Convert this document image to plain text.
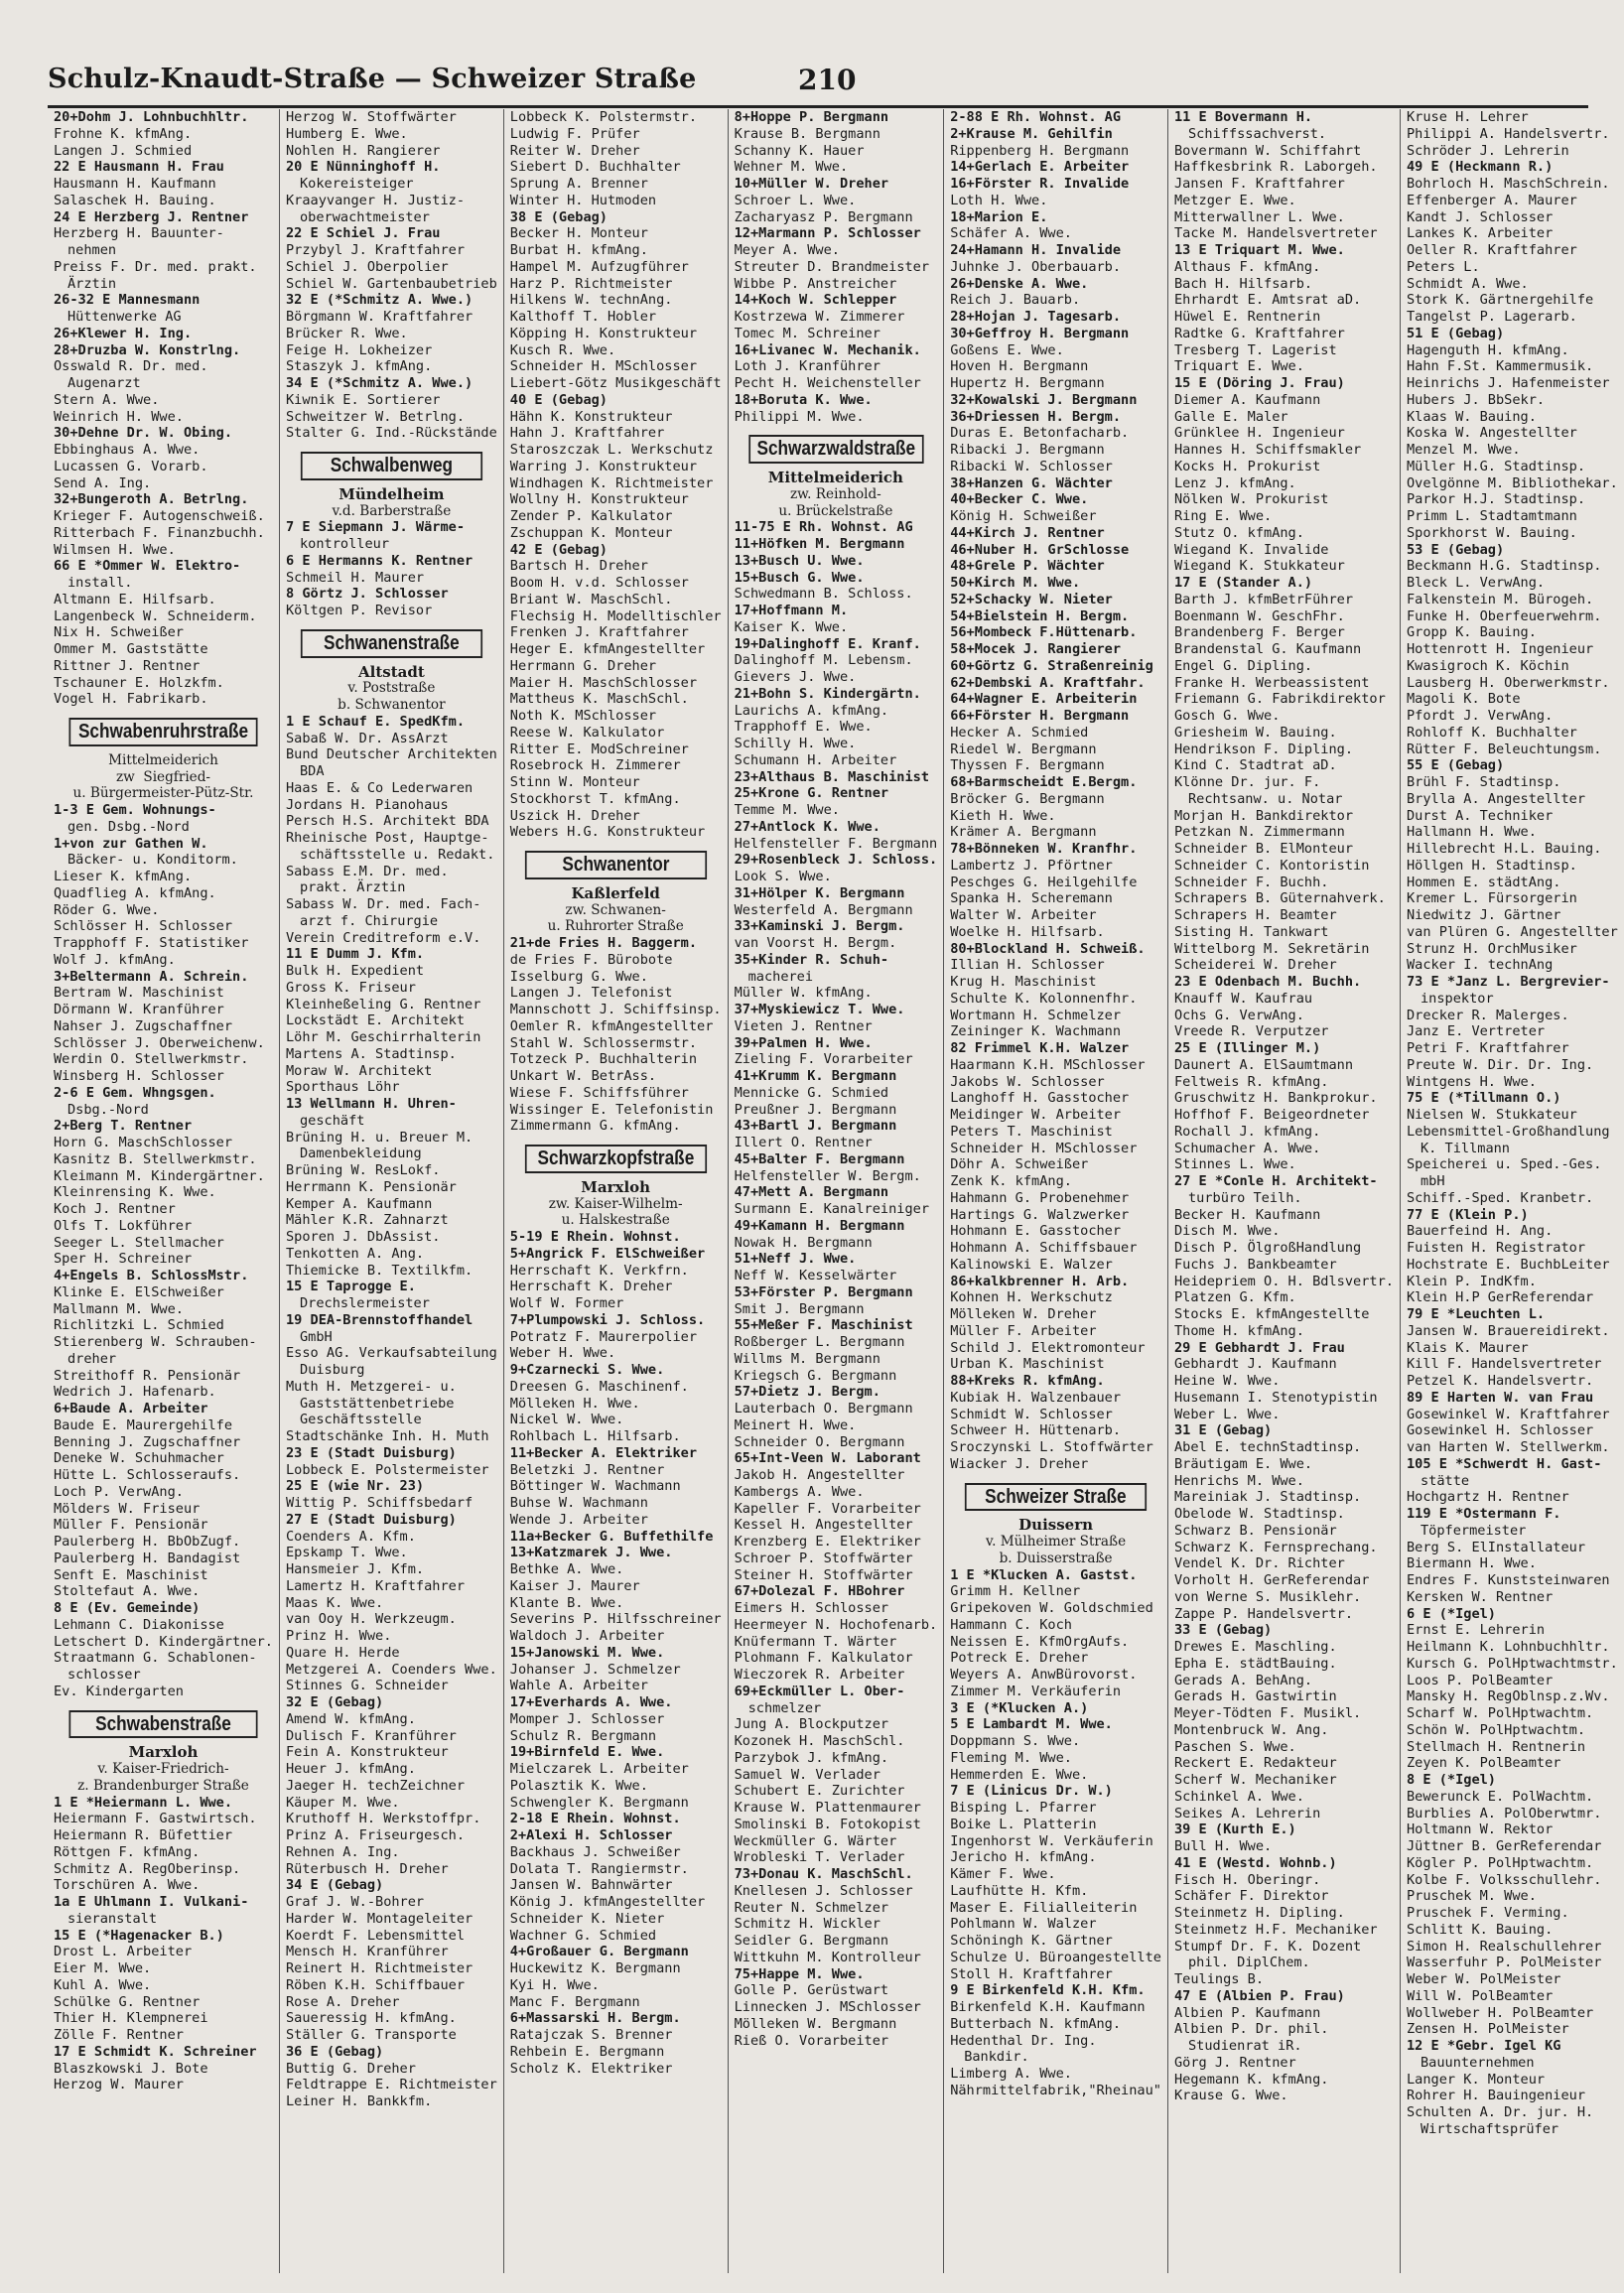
Schulz-Knaudt-Straße — Schweizer Straße	210
20+Dohm J. Lohnbuchhltr.
Frohne K. kfmAng.
Langen J. Schmied
22 E Hausmann H. Frau
Hausmann H. Kaufmann
Salaschek H. Bauing.
24 E Herzberg J. Rentner
Herzberg H. Bauunter-
nehmen
Preiss F. Dr. med. prakt.
Ärztin
26-32 E Mannesmann
Hüttenwerke AG
26+Klewer H. Ing.
28+Druzba W. Konstrlng.
Osswald R. Dr. med.
Augenarzt
Stern A. Wwe.
Weinrich H. Wwe.
30+Dehne Dr. W. Obing.
Ebbinghaus A. Wwe.
Lucassen G. Vorarb.
Send A. Ing.
32+Bungeroth A. Betrlng.
Krieger F. Autogenschweiß.
Ritterbach F. Finanzbuchh.
Wilmsen H. Wwe.
66 E *Ommer W. Elektro-
install.
Altmann E. Hilfsarb.
Langenbeck W. Schneiderm.
Nix H. Schweißer
Ommer M. Gaststätte
Rittner J. Rentner
Tschauner E. Holzkfm.
Vogel H. Fabrikarb.
Schwabenruhrstraße
Mittelmeiderich
zw  Siegfried-
u. Bürgermeister-Pütz-Str.
1-3 E Gem. Wohnungs-
gen. Dsbg.-Nord
1+von zur Gathen W.
Bäcker- u. Konditorm.
Lieser K. kfmAng.
Quadflieg A. kfmAng.
Röder G. Wwe.
Schlösser H. Schlosser
Trapphoff F. Statistiker
Wolf J. kfmAng.
3+Beltermann A. Schrein.
Bertram W. Maschinist
Dörmann W. Kranführer
Nahser J. Zugschaffner
Schlösser J. Oberweichenw.
Werdin O. Stellwerkmstr.
Winsberg H. Schlosser
2-6 E Gem. Whngsgen.
Dsbg.-Nord
2+Berg T. Rentner
Horn G. MaschSchlosser
Kasnitz B. Stellwerkmstr.
Kleimann M. Kindergärtner.
Kleinrensing K. Wwe.
Koch J. Rentner
Olfs T. Lokführer
Seeger L. Stellmacher
Sper H. Schreiner
4+Engels B. SchlossMstr.
Klinke E. ElSchweißer
Mallmann M. Wwe.
Richlitzki L. Schmied
Stierenberg W. Schrauben-
dreher
Streithoff R. Pensionär
Wedrich J. Hafenarb.
6+Baude A. Arbeiter
Baude E. Maurergehilfe
Benning J. Zugschaffner
Deneke W. Schuhmacher
Hütte L. Schlosseraufs.
Loch P. VerwAng.
Mölders W. Friseur
Müller F. Pensionär
Paulerberg H. BbObZugf.
Paulerberg H. Bandagist
Senft E. Maschinist
Stoltefaut A. Wwe.
8 E (Ev. Gemeinde)
Lehmann C. Diakonisse
Letschert D. Kindergärtner.
Straatmann G. Schablonen-
schlosser
Ev. Kindergarten
Schwabenstraße
Marxloh
v. Kaiser-Friedrich-
z. Brandenburger Straße
1 E *Heiermann L. Wwe.
Heiermann F. Gastwirtsch.
Heiermann R. Büfettier
Röttgen F. kfmAng.
Schmitz A. RegOberinsp.
Torschüren A. Wwe.
1a E Uhlmann I. Vulkani-
sieranstalt
15 E (*Hagenacker B.)
Drost L. Arbeiter
Eier M. Wwe.
Kuhl A. Wwe.
Schülke G. Rentner
Thier H. Klempnerei
Zölle F. Rentner
17 E Schmidt K. Schreiner
Blaszkowski J. Bote
Herzog W. Maurer
Herzog W. Stoffwärter
Humberg E. Wwe.
Nohlen H. Rangierer
20 E Nünninghoff H.
Kokereisteiger
Kraayvanger H. Justiz-
oberwachtmeister
22 E Schiel J. Frau
Przybyl J. Kraftfahrer
Schiel J. Oberpolier
Schiel W. Gartenbaubetrieb
32 E (*Schmitz A. Wwe.)
Börgmann W. Kraftfahrer
Brücker R. Wwe.
Feige H. Lokheizer
Staszyk J. kfmAng.
34 E (*Schmitz A. Wwe.)
Kiwnik E. Sortierer
Schweitzer W. Betrlng.
Stalter G. Ind.-Rückstände
Schwalbenweg
Mündelheim
v.d. Barberstraße
7 E Siepmann J. Wärme-
kontrolleur
6 E Hermanns K. Rentner
Schmeil H. Maurer
8 Görtz J. Schlosser
Költgen P. Revisor
Schwanenstraße
Altstadt
v. Poststraße
b. Schwanentor
1 E Schauf E. SpedKfm.
Sabaß W. Dr. AssArzt
Bund Deutscher Architekten
BDA
Haas E. & Co Lederwaren
Jordans H. Pianohaus
Persch H.S. Architekt BDA
Rheinische Post, Hauptge-
schäftsstelle u. Redakt.
Sabass E.M. Dr. med.
prakt. Ärztin
Sabass W. Dr. med. Fach-
arzt f. Chirurgie
Verein Creditreform e.V.
11 E Dumm J. Kfm.
Bulk H. Expedient
Gross K. Friseur
Kleinheßeling G. Rentner
Lockstädt E. Architekt
Löhr M. Geschirrhalterin
Martens A. Stadtinsp.
Moraw W. Architekt
Sporthaus Löhr
13 Wellmann H. Uhren-
geschäft
Brüning H. u. Breuer M.
Damenbekleidung
Brüning W. ResLokf.
Herrmann K. Pensionär
Kemper A. Kaufmann
Mähler K.R. Zahnarzt
Sporen J. DbAssist.
Tenkotten A. Ang.
Thiemicke B. Textilkfm.
15 E Taprogge E.
Drechslermeister
19 DEA-Brennstoffhandel
GmbH
Esso AG. Verkaufsabteilung
Duisburg
Muth H. Metzgerei- u.
Gaststättenbetriebe
Geschäftsstelle
Stadtschänke Inh. H. Muth
23 E (Stadt Duisburg)
Lobbeck E. Polstermeister
25 E (wie Nr. 23)
Wittig P. Schiffsbedarf
27 E (Stadt Duisburg)
Coenders A. Kfm.
Epskamp T. Wwe.
Hansmeier J. Kfm.
Lamertz H. Kraftfahrer
Maas K. Wwe.
van Ooy H. Werkzeugm.
Prinz H. Wwe.
Quare H. Herde
Metzgerei A. Coenders Wwe.
Stinnes G. Schneider
32 E (Gebag)
Amend W. kfmAng.
Dulisch F. Kranführer
Fein A. Konstrukteur
Heuer J. kfmAng.
Jaeger H. techZeichner
Käuper M. Wwe.
Kruthoff H. Werkstoffpr.
Prinz A. Friseurgesch.
Rehnen A. Ing.
Rüterbusch H. Dreher
34 E (Gebag)
Graf J. W.-Bohrer
Harder W. Montageleiter
Koerdt F. Lebensmittel
Mensch H. Kranführer
Reinert H. Richtmeister
Röben K.H. Schiffbauer
Rose A. Dreher
Saueressig H. kfmAng.
Ställer G. Transporte
36 E (Gebag)
Buttig G. Dreher
Feldtrappe E. Richtmeister
Leiner H. Bankkfm.
Lobbeck K. Polstermstr.
Ludwig F. Prüfer
Reiter W. Dreher
Siebert D. Buchhalter
Sprung A. Brenner
Winter H. Hutmoden
38 E (Gebag)
Becker H. Monteur
Burbat H. kfmAng.
Hampel M. Aufzugführer
Harz P. Richtmeister
Hilkens W. technAng.
Kalthoff T. Hobler
Köpping H. Konstrukteur
Kusch R. Wwe.
Schneider H. MSchlosser
Liebert-Götz Musikgeschäft
40 E (Gebag)
Hähn K. Konstrukteur
Hahn J. Kraftfahrer
Staroszczak L. Werkschutz
Warring J. Konstrukteur
Windhagen K. Richtmeister
Wollny H. Konstrukteur
Zender P. Kalkulator
Zschuppan K. Monteur
42 E (Gebag)
Bartsch H. Dreher
Boom H. v.d. Schlosser
Briant W. MaschSchl.
Flechsig H. Modelltischler
Frenken J. Kraftfahrer
Heger E. kfmAngestellter
Herrmann G. Dreher
Maier H. MaschSchlosser
Mattheus K. MaschSchl.
Noth K. MSchlosser
Reese W. Kalkulator
Ritter E. ModSchreiner
Rosebrock H. Zimmerer
Stinn W. Monteur
Stockhorst T. kfmAng.
Uszick H. Dreher
Webers H.G. Konstrukteur
Schwanentor
Kaßlerfeld
zw. Schwanen-
u. Ruhrorter Straße
21+de Fries H. Baggerm.
de Fries F. Bürobote
Isselburg G. Wwe.
Langen J. Telefonist
Mannschott J. Schiffsinsp.
Oemler R. kfmAngestellter
Stahl W. Schlossermstr.
Totzeck P. Buchhalterin
Unkart W. BetrAss.
Wiese F. Schiffsführer
Wissinger E. Telefonistin
Zimmermann G. kfmAng.
Schwarzkopfstraße
Marxloh
zw. Kaiser-Wilhelm-
u. Halskestraße
5-19 E Rhein. Wohnst.
5+Angrick F. ElSchweißer
Herrschaft K. Verkfrn.
Herrschaft K. Dreher
Wolf W. Former
7+Plumpowski J. Schloss.
Potratz F. Maurerpolier
Weber H. Wwe.
9+Czarnecki S. Wwe.
Dreesen G. Maschinenf.
Mölleken H. Wwe.
Nickel W. Wwe.
Rohlbach L. Hilfsarb.
11+Becker A. Elektriker
Beletzki J. Rentner
Böttinger W. Wachmann
Buhse W. Wachmann
Wende J. Arbeiter
11a+Becker G. Buffethilfe
13+Katzmarek J. Wwe.
Bethke A. Wwe.
Kaiser J. Maurer
Klante B. Wwe.
Severins P. Hilfsschreiner
Waldoch J. Arbeiter
15+Janowski M. Wwe.
Johanser J. Schmelzer
Wahle A. Arbeiter
17+Everhards A. Wwe.
Momper J. Schlosser
Schulz R. Bergmann
19+Birnfeld E. Wwe.
Mielczarek L. Arbeiter
Polasztik K. Wwe.
Schwengler K. Bergmann
2-18 E Rhein. Wohnst.
2+Alexi H. Schlosser
Backhaus J. Schweißer
Dolata T. Rangiermstr.
Jansen W. Bahnwärter
König J. kfmAngestellter
Schneider K. Nieter
Wachner G. Schmied
4+Großauer G. Bergmann
Huckewitz K. Bergmann
Kyi H. Wwe.
Manc F. Bergmann
6+Massarski H. Bergm.
Ratajczak S. Brenner
Rehbein E. Bergmann
Scholz K. Elektriker
8+Hoppe P. Bergmann
Krause B. Bergmann
Schanny K. Hauer
Wehner M. Wwe.
10+Müller W. Dreher
Schroer L. Wwe.
Zacharyasz P. Bergmann
12+Marmann P. Schlosser
Meyer A. Wwe.
Streuter D. Brandmeister
Wibbe P. Anstreicher
14+Koch W. Schlepper
Kostrzewa W. Zimmerer
Tomec M. Schreiner
16+Livanec W. Mechanik.
Loth J. Kranführer
Pecht H. Weichensteller
18+Boruta K. Wwe.
Philippi M. Wwe.
Schwarzwaldstraße
Mittelmeiderich
zw. Reinhold-
u. Brückelstraße
11-75 E Rh. Wohnst. AG
11+Höfken M. Bergmann
13+Busch U. Wwe.
15+Busch G. Wwe.
Schwedmann B. Schloss.
17+Hoffmann M.
Kaiser K. Wwe.
19+Dalinghoff E. Kranf.
Dalinghoff M. Lebensm.
Gievers J. Wwe.
21+Bohn S. Kindergärtn.
Laurichs A. kfmAng.
Trapphoff E. Wwe.
Schilly H. Wwe.
Schumann H. Arbeiter
23+Althaus B. Maschinist
25+Krone G. Rentner
Temme M. Wwe.
27+Antlock K. Wwe.
Helfensteller F. Bergmann
29+Rosenbleck J. Schloss.
Look S. Wwe.
31+Hölper K. Bergmann
Westerfeld A. Bergmann
33+Kaminski J. Bergm.
van Voorst H. Bergm.
35+Kinder R. Schuh-
macherei
Müller W. kfmAng.
37+Myskiewicz T. Wwe.
Vieten J. Rentner
39+Palmen H. Wwe.
Zieling F. Vorarbeiter
41+Krumm K. Bergmann
Mennicke G. Schmied
Preußner J. Bergmann
43+Bartl J. Bergmann
Illert O. Rentner
45+Balter F. Bergmann
Helfensteller W. Bergm.
47+Mett A. Bergmann
Surmann E. Kanalreiniger
49+Kamann H. Bergmann
Nowak H. Bergmann
51+Neff J. Wwe.
Neff W. Kesselwärter
53+Förster P. Bergmann
Smit J. Bergmann
55+Meßer F. Maschinist
Roßberger L. Bergmann
Willms M. Bergmann
Kriegsch G. Bergmann
57+Dietz J. Bergm.
Lauterbach O. Bergmann
Meinert H. Wwe.
Schneider O. Bergmann
65+Int-Veen W. Laborant
Jakob H. Angestellter
Kambergs A. Wwe.
Kapeller F. Vorarbeiter
Kessel H. Angestellter
Krenzberg E. Elektriker
Schroer P. Stoffwärter
Steiner H. Stoffwärter
67+Dolezal F. HBohrer
Eimers H. Schlosser
Heermeyer N. Hochofenarb.
Knüfermann T. Wärter
Plohmann F. Kalkulator
Wieczorek R. Arbeiter
69+Eckmüller L. Ober-
schmelzer
Jung A. Blockputzer
Kozonek H. MaschSchl.
Parzybok J. kfmAng.
Samuel W. Verlader
Schubert E. Zurichter
Krause W. Plattenmaurer
Smolinski B. Fotokopist
Weckmüller G. Wärter
Wrobleski T. Verlader
73+Donau K. MaschSchl.
Knellesen J. Schlosser
Reuter N. Schmelzer
Schmitz H. Wickler
Seidler G. Bergmann
Wittkuhn M. Kontrolleur
75+Happe M. Wwe.
Golle P. Gerüstwart
Linnecken J. MSchlosser
Mölleken W. Bergmann
Rieß O. Vorarbeiter
2-88 E Rh. Wohnst. AG
2+Krause M. Gehilfin
Rippenberg H. Bergmann
14+Gerlach E. Arbeiter
16+Förster R. Invalide
Loth H. Wwe.
18+Marion E.
Schäfer A. Wwe.
24+Hamann H. Invalide
Juhnke J. Oberbauarb.
26+Denske A. Wwe.
Reich J. Bauarb.
28+Hojan J. Tagesarb.
30+Geffroy H. Bergmann
Goßens E. Wwe.
Hoven H. Bergmann
Hupertz H. Bergmann
32+Kowalski J. Bergmann
36+Driessen H. Bergm.
Duras E. Betonfacharb.
Ribacki J. Bergmann
Ribacki W. Schlosser
38+Hanzen G. Wächter
40+Becker C. Wwe.
König H. Schweißer
44+Kirch J. Rentner
46+Nuber H. GrSchlosse
48+Grele P. Wächter
50+Kirch M. Wwe.
52+Schacky W. Nieter
54+Bielstein H. Bergm.
56+Mombeck F.Hüttenarb.
58+Mocek J. Rangierer
60+Görtz G. Straßenreinig
62+Dembski A. Kraftfahr.
64+Wagner E. Arbeiterin
66+Förster H. Bergmann
Hecker A. Schmied
Riedel W. Bergmann
Thyssen F. Bergmann
68+Barmscheidt E.Bergm.
Bröcker G. Bergmann
Kieth H. Wwe.
Krämer A. Bergmann
78+Bönneken W. Kranfhr.
Lambertz J. Pförtner
Peschges G. Heilgehilfe
Spanka H. Scheremann
Walter W. Arbeiter
Woelke H. Hilfsarb.
80+Blockland H. Schweiß.
Illian H. Schlosser
Krug H. Maschinist
Schulte K. Kolonnenfhr.
Wortmann H. Schmelzer
Zeininger K. Wachmann
82 Frimmel K.H. Walzer
Haarmann K.H. MSchlosser
Jakobs W. Schlosser
Langhoff H. Gasstocher
Meidinger W. Arbeiter
Peters T. Maschinist
Schneider H. MSchlosser
Döhr A. Schweißer
Zenk K. kfmAng.
Hahmann G. Probenehmer
Hartings G. Walzwerker
Hohmann E. Gasstocher
Hohmann A. Schiffsbauer
Kalinowski E. Walzer
86+kalkbrenner H. Arb.
Kohnen H. Werkschutz
Mölleken W. Dreher
Müller F. Arbeiter
Schild J. Elektromonteur
Urban K. Maschinist
88+Kreks R. kfmAng.
Kubiak H. Walzenbauer
Schmidt W. Schlosser
Schweer H. Hüttenarb.
Sroczynski L. Stoffwärter
Wiacker J. Dreher
Schweizer Straße
Duissern
v. Mülheimer Straße
b. Duisserstraße
1 E *Klucken A. Gastst.
Grimm H. Kellner
Gripekoven W. Goldschmied
Hammann C. Koch
Neissen E. KfmOrgAufs.
Potreck E. Dreher
Weyers A. AnwBürovorst.
Zimmer M. Verkäuferin
3 E (*Klucken A.)
5 E Lambardt M. Wwe.
Doppmann S. Wwe.
Fleming M. Wwe.
Hemmerden E. Wwe.
7 E (Linicus Dr. W.)
Bisping L. Pfarrer
Boike L. Platterin
Ingenhorst W. Verkäuferin
Jericho H. kfmAng.
Kämer F. Wwe.
Laufhütte H. Kfm.
Maser E. Filialleiterin
Pohlmann W. Walzer
Schöningh K. Gärtner
Schulze U. Büroangestellte
Stoll H. Kraftfahrer
9 E Birkenfeld K.H. Kfm.
Birkenfeld K.H. Kaufmann
Butterbach N. kfmAng.
Hedenthal Dr. Ing.
Bankdir.
Limberg A. Wwe.
Nährmittelfabrik,"Rheinau"
11 E Bovermann H.
Schiffssachverst.
Bovermann W. Schiffahrt
Haffkesbrink R. Laborgeh.
Jansen F. Kraftfahrer
Metzger E. Wwe.
Mitterwallner L. Wwe.
Tacke M. Handelsvertreter
13 E Triquart M. Wwe.
Althaus F. kfmAng.
Bach H. Hilfsarb.
Ehrhardt E. Amtsrat aD.
Hüwel E. Rentnerin
Radtke G. Kraftfahrer
Tresberg T. Lagerist
Triquart E. Wwe.
15 E (Döring J. Frau)
Diemer A. Kaufmann
Galle E. Maler
Grünklee H. Ingenieur
Hannes H. Schiffsmakler
Kocks H. Prokurist
Lenz J. kfmAng.
Nölken W. Prokurist
Ring E. Wwe.
Stutz O. kfmAng.
Wiegand K. Invalide
Wiegand K. Stukkateur
17 E (Stander A.)
Barth J. kfmBetrFührer
Boenmann W. GeschFhr.
Brandenberg F. Berger
Brandenstal G. Kaufmann
Engel G. Dipling.
Franke H. Werbeassistent
Friemann G. Fabrikdirektor
Gosch G. Wwe.
Griesheim W. Bauing.
Hendrikson F. Dipling.
Kind C. Stadtrat aD.
Klönne Dr. jur. F.
Rechtsanw. u. Notar
Morjan H. Bankdirektor
Petzkan N. Zimmermann
Schneider B. ElMonteur
Schneider C. Kontoristin
Schneider F. Buchh.
Schrapers B. Güternahverk.
Schrapers H. Beamter
Sisting H. Tankwart
Wittelborg M. Sekretärin
Scheiderei W. Dreher
23 E Odenbach M. Buchh.
Knauff W. Kaufrau
Ochs G. VerwAng.
Vreede R. Verputzer
25 E (Illinger M.)
Daunert A. ElSaumtmann
Feltweis R. kfmAng.
Gruschwitz H. Bankprokur.
Hoffhof F. Beigeordneter
Rochall J. kfmAng.
Schumacher A. Wwe.
Stinnes L. Wwe.
27 E *Conle H. Architekt-
turbüro Teilh.
Becker H. Kaufmann
Disch M. Wwe.
Disch P. ÖlgroßHandlung
Fuchs J. Bankbeamter
Heidepriem O. H. Bdlsvertr.
Platzen G. Kfm.
Stocks E. kfmAngestellte
Thome H. kfmAng.
29 E Gebhardt J. Frau
Gebhardt J. Kaufmann
Heine W. Wwe.
Husemann I. Stenotypistin
Weber L. Wwe.
31 E (Gebag)
Abel E. technStadtinsp.
Bräutigam E. Wwe.
Henrichs M. Wwe.
Mareiniak J. Stadtinsp.
Obelode W. Stadtinsp.
Schwarz B. Pensionär
Schwarz K. Fernsprechang.
Vendel K. Dr. Richter
Vorholt H. GerReferendar
von Werne S. Musiklehr.
Zappe P. Handelsvertr.
33 E (Gebag)
Drewes E. Maschling.
Epha E. städtBauing.
Gerads A. BehAng.
Gerads H. Gastwirtin
Meyer-Tödten F. Musikl.
Montenbruck W. Ang.
Paschen S. Wwe.
Reckert E. Redakteur
Scherf W. Mechaniker
Schinkel A. Wwe.
Seikes A. Lehrerin
39 E (Kurth E.)
Bull H. Wwe.
41 E (Westd. Wohnb.)
Fisch H. Oberingr.
Schäfer F. Direktor
Steinmetz H. Dipling.
Steinmetz H.F. Mechaniker
Stumpf Dr. F. K. Dozent
phil. DiplChem.
Teulings B.
47 E (Albien P. Frau)
Albien P. Kaufmann
Albien P. Dr. phil.
Studienrat iR.
Görg J. Rentner
Hegemann K. kfmAng.
Krause G. Wwe.
Kruse H. Lehrer
Philippi A. Handelsvertr.
Schröder J. Lehrerin
49 E (Heckmann R.)
Bohrloch H. MaschSchrein.
Effenberger A. Maurer
Kandt J. Schlosser
Lankes K. Arbeiter
Oeller R. Kraftfahrer
Peters L.
Schmidt A. Wwe.
Stork K. Gärtnergehilfe
Tangelst P. Lagerarb.
51 E (Gebag)
Hagenguth H. kfmAng.
Hahn F.St. Kammermusik.
Heinrichs J. Hafenmeister
Hubers J. BbSekr.
Klaas W. Bauing.
Koska W. Angestellter
Menzel M. Wwe.
Müller H.G. Stadtinsp.
Ovelgönne M. Bibliothekar.
Parkor H.J. Stadtinsp.
Primm L. Stadtamtmann
Sporkhorst W. Bauing.
53 E (Gebag)
Beckmann H.G. Stadtinsp.
Bleck L. VerwAng.
Falkenstein M. Bürogeh.
Funke H. Oberfeuerwehrm.
Gropp K. Bauing.
Hottenrott H. Ingenieur
Kwasigroch K. Köchin
Lausberg H. Oberwerkmstr.
Magoli K. Bote
Pfordt J. VerwAng.
Rohloff K. Buchhalter
Rütter F. Beleuchtungsm.
55 E (Gebag)
Brühl F. Stadtinsp.
Brylla A. Angestellter
Durst A. Techniker
Hallmann H. Wwe.
Hillebrecht H.L. Bauing.
Höllgen H. Stadtinsp.
Hommen E. städtAng.
Kremer L. Fürsorgerin
Niedwitz J. Gärtner
van Plüren G. Angestellter
Strunz H. OrchMusiker
Wacker I. technAng
73 E *Janz L. Bergrevier-
inspektor
Drecker R. Malerges.
Janz E. Vertreter
Petri F. Kraftfahrer
Preute W. Dir. Dr. Ing.
Wintgens H. Wwe.
75 E (*Tillmann O.)
Nielsen W. Stukkateur
Lebensmittel-Großhandlung
K. Tillmann
Speicherei u. Sped.-Ges.
mbH
Schiff.-Sped. Kranbetr.
77 E (Klein P.)
Bauerfeind H. Ang.
Fuisten H. Registrator
Hochstrate E. BuchbLeiter
Klein P. IndKfm.
Klein H.P GerReferendar
79 E *Leuchten L.
Jansen W. Brauereidirekt.
Klais K. Maurer
Kill F. Handelsvertreter
Petzel K. Handelsvertr.
89 E Harten W. van Frau
Gosewinkel W. Kraftfahrer
Gosewinkel H. Schlosser
van Harten W. Stellwerkm.
105 E *Schwerdt H. Gast-
stätte
Hochgartz H. Rentner
119 E *Ostermann F.
Töpfermeister
Berg S. ElInstallateur
Biermann H. Wwe.
Endres F. Kunststeinwaren
Kersken W. Rentner
6 E (*Igel)
Ernst E. Lehrerin
Heilmann K. Lohnbuchhltr.
Kursch G. PolHptwachtmstr.
Loos P. PolBeamter
Mansky H. RegOblnsp.z.Wv.
Scharf W. PolHptwachtm.
Schön W. PolHptwachtm.
Stellmach H. Rentnerin
Zeyen K. PolBeamter
8 E (*Igel)
Bewerunck E. PolWachtm.
Burblies A. PolOberwtmr.
Holtmann W. Rektor
Jüttner B. GerReferendar
Kögler P. PolHptwachtm.
Kolbe F. Volksschullehr.
Pruschek M. Wwe.
Pruschek F. Verming.
Schlitt K. Bauing.
Simon H. Realschullehrer
Wasserfuhr P. PolMeister
Weber W. PolMeister
Will W. PolBeamter
Wollweber H. PolBeamter
Zensen H. PolMeister
12 E *Gebr. Igel KG
Bauunternehmen
Langer K. Monteur
Rohrer H. Bauingenieur
Schulten A. Dr. jur. H.
Wirtschaftsprüfer
